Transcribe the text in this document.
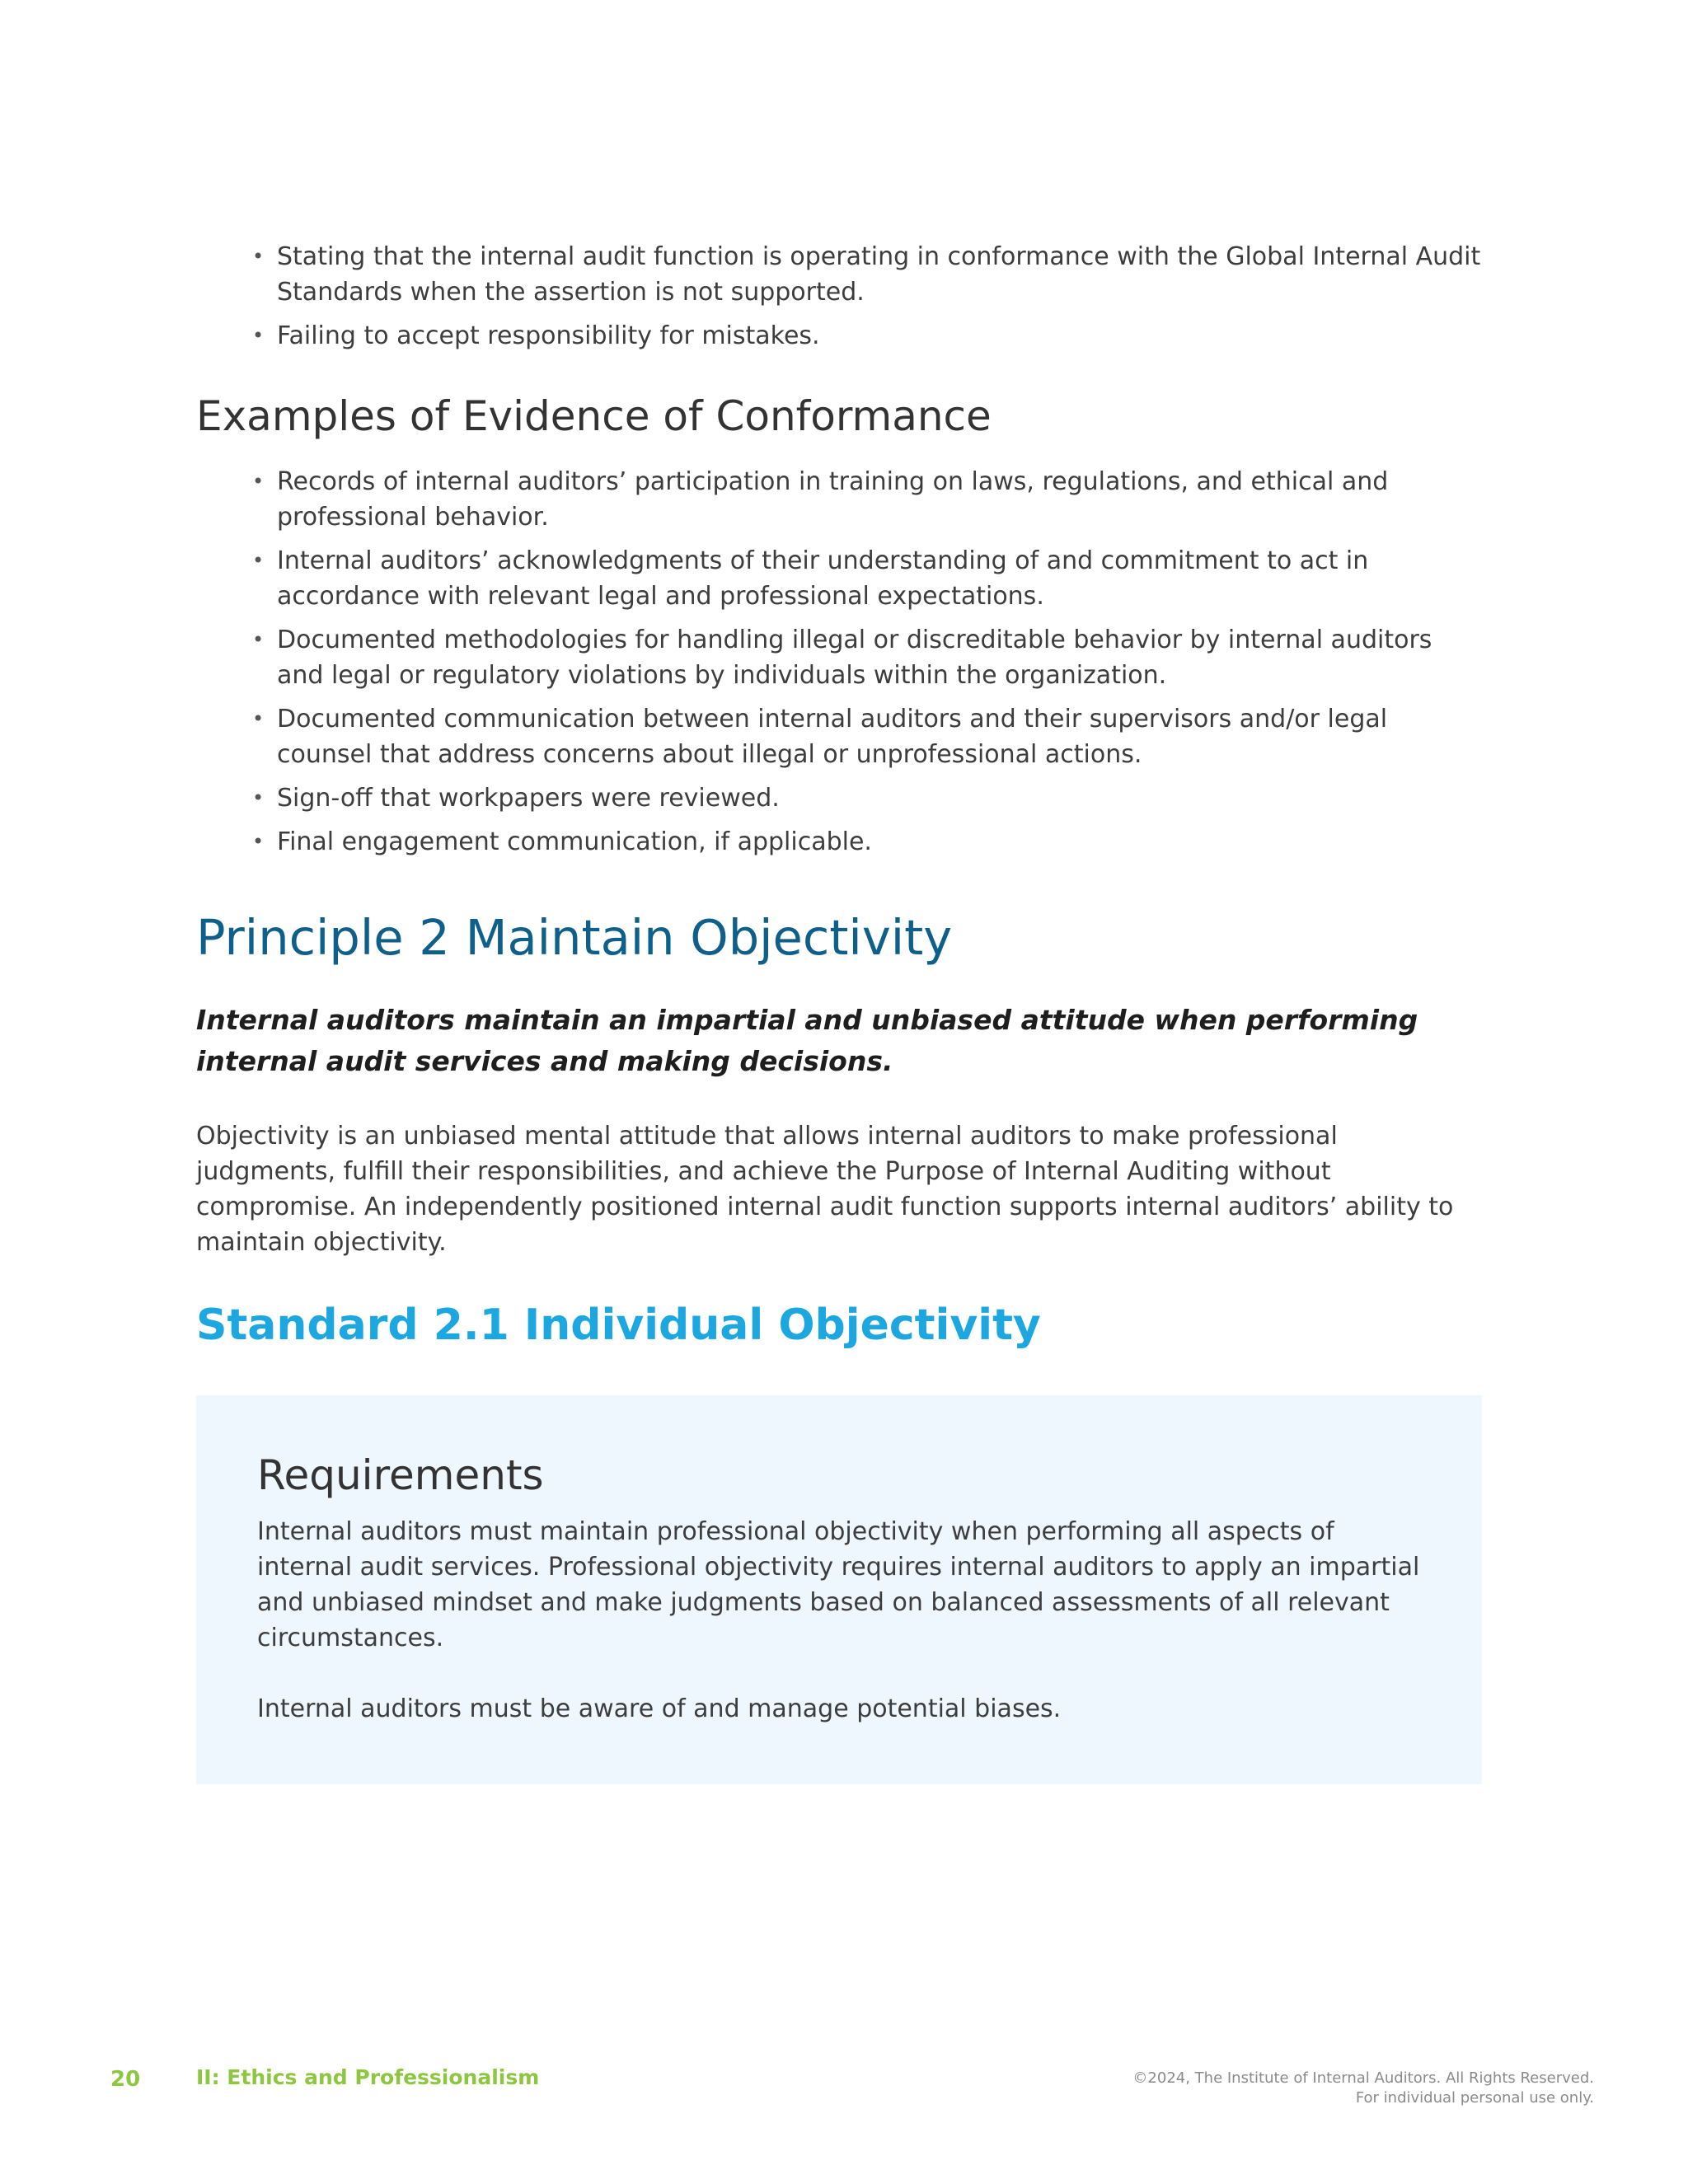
• Stating that the internal audit function is operating in conformance with the Global Internal Audit Standards when the assertion is not supported.
• Failing to accept responsibility for mistakes.
Examples of Evidence of Conformance
• Records of internal auditors’ participation in training on laws, regulations, and ethical and professional behavior.
• Internal auditors’ acknowledgments of their understanding of and commitment to act in accordance with relevant legal and professional expectations.
• Documented methodologies for handling illegal or discreditable behavior by internal auditors and legal or regulatory violations by individuals within the organization.
• Documented communication between internal auditors and their supervisors and/or legal counsel that address concerns about illegal or unprofessional actions.
• Sign-off that workpapers were reviewed.
• Final engagement communication, if applicable.
Principle 2 Maintain Objectivity

Internal auditors maintain an impartial and unbiased attitude when performing internal audit services and making decisions.

Objectivity is an unbiased mental attitude that allows internal auditors to make professional judgments, fulfill their responsibilities, and achieve the Purpose of Internal Auditing without compromise. An independently positioned internal audit function supports internal auditors’ ability to maintain objectivity.

Standard 2.1 Individual Objectivity
Requirements

Internal auditors must maintain professional objectivity when performing all aspects of internal audit services. Professional objectivity requires internal auditors to apply an impartial and unbiased mindset and make judgments based on balanced assessments of all relevant circumstances.

Internal auditors must be aware of and manage potential biases.

20	II: Ethics and Professionalism	©2024, The Institute of Internal Auditors. All Rights Reserved.
For individual personal use only.
